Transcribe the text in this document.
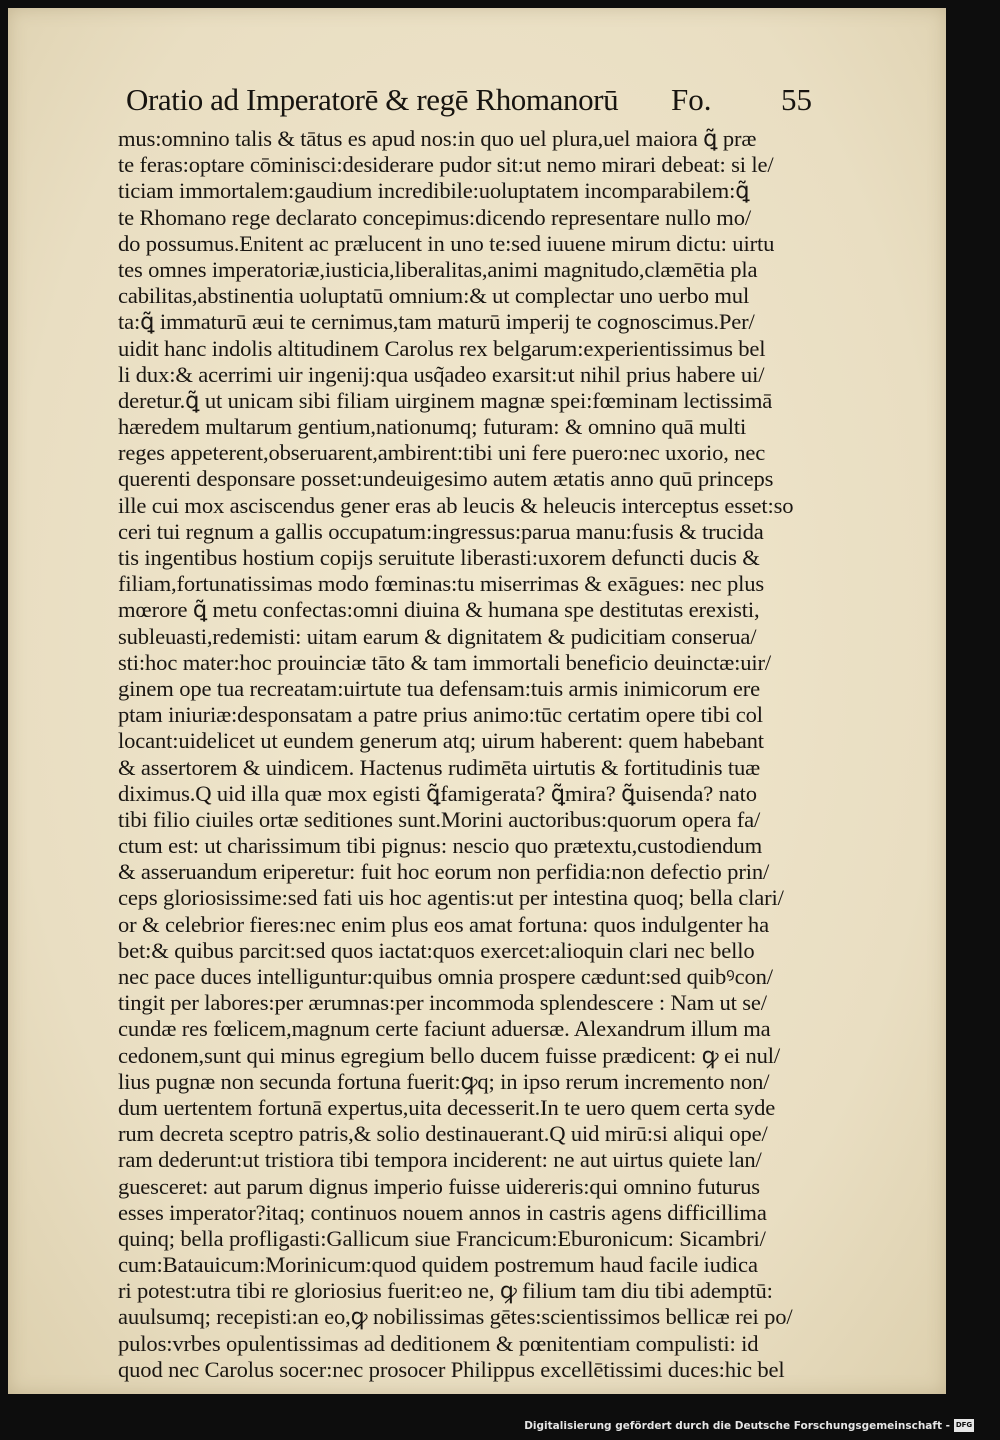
Oratio ad Imperatorē & regē Rhomanorū Fo. 55
mus:omnino talis & tātus es apud nos:in quo uel plura,uel maiora ꝗ̃ præ
te feras:optare cōminisci:desiderare pudor sit:ut nemo mirari debeat: si le/
ticiam immortalem:gaudium incredibile:uoluptatem incomparabilem:ꝗ̃
te Rhomano rege declarato concepimus:dicendo representare nullo mo/
do possumus.Enitent ac prælucent in uno te:sed iuuene mirum dictu: uirtu
tes omnes imperatoriæ,iusticia,liberalitas,animi magnitudo,clæmētia pla
cabilitas,abstinentia uoluptatū omnium:& ut complectar uno uerbo mul
ta:ꝗ̃ immaturū æui te cernimus,tam maturū imperij te cognoscimus.Per/
uidit hanc indolis altitudinem Carolus rex belgarum:experientissimus bel
li dux:& acerrimi uir ingenij:qua usq̃adeo exarsit:ut nihil prius habere ui/
deretur.ꝗ̃ ut unicam sibi filiam uirginem magnæ spei:fœminam lectissimā
hæredem multarum gentium,nationumq; futuram: & omnino quā multi
reges appeterent,obseruarent,ambirent:tibi uni fere puero:nec uxorio, nec
querenti desponsare posset:undeuigesimo autem ætatis anno quū princeps
ille cui mox asciscendus gener eras ab leucis & heleucis interceptus esset:so
ceri tui regnum a gallis occupatum:ingressus:parua manu:fusis & trucida
tis ingentibus hostium copijs seruitute liberasti:uxorem defuncti ducis &
filiam,fortunatissimas modo fœminas:tu miserrimas & exāgues: nec plus
mœrore ꝗ̃ metu confectas:omni diuina & humana spe destitutas erexisti,
subleuasti,redemisti: uitam earum & dignitatem & pudicitiam conserua/
sti:hoc mater:hoc prouinciæ tāto & tam immortali beneficio deuinctæ:uir/
ginem ope tua recreatam:uirtute tua defensam:tuis armis inimicorum ere
ptam iniuriæ:desponsatam a patre prius animo:tūc certatim opere tibi col
locant:uidelicet ut eundem generum atq; uirum haberent: quem habebant
& assertorem & uindicem. Hactenus rudimēta uirtutis & fortitudinis tuæ
diximus.Q uid illa quæ mox egisti ꝗ̃famigerata? ꝗ̃mira? ꝗ̃uisenda? nato
tibi filio ciuiles ortæ seditiones sunt.Morini auctoribus:quorum opera fa/
ctum est: ut charissimum tibi pignus: nescio quo prætextu,custodiendum
& asseruandum eriperetur: fuit hoc eorum non perfidia:non defectio prin/
ceps gloriosissime:sed fati uis hoc agentis:ut per intestina quoq; bella clari/
or & celebrior fieres:nec enim plus eos amat fortuna: quos indulgenter ha
bet:& quibus parcit:sed quos iactat:quos exercet:alioquin clari nec bello
nec pace duces intelliguntur:quibus omnia prospere cædunt:sed quibꝰcon/
tingit per labores:per ærumnas:per incommoda splendescere : Nam ut se/
cundæ res fœlicem,magnum certe faciunt aduersæ. Alexandrum illum ma
cedonem,sunt qui minus egregium bello ducem fuisse prædicent: ꝙ ei nul/
lius pugnæ non secunda fortuna fuerit:ꝙq; in ipso rerum incremento non/
dum uertentem fortunā expertus,uita decesserit.In te uero quem certa syde
rum decreta sceptro patris,& solio destinauerant.Q uid mirū:si aliqui ope/
ram dederunt:ut tristiora tibi tempora inciderent: ne aut uirtus quiete lan/
guesceret: aut parum dignus imperio fuisse uidereris:qui omnino futurus
esses imperator?itaq; continuos nouem annos in castris agens difficillima
quinq; bella profligasti:Gallicum siue Francicum:Eburonicum: Sicambri/
cum:Batauicum:Morinicum:quod quidem postremum haud facile iudica
ri potest:utra tibi re gloriosius fuerit:eo ne, ꝙ filium tam diu tibi ademptū:
auulsumq; recepisti:an eo,ꝙ nobilissimas gētes:scientissimos bellicæ rei po/
pulos:vrbes opulentissimas ad deditionem & pœnitentiam compulisti: id
quod nec Carolus socer:nec prosocer Philippus excellētissimi duces:hic bel
Digitalisierung gefördert durch die Deutsche Forschungsgemeinschaft - DFG
